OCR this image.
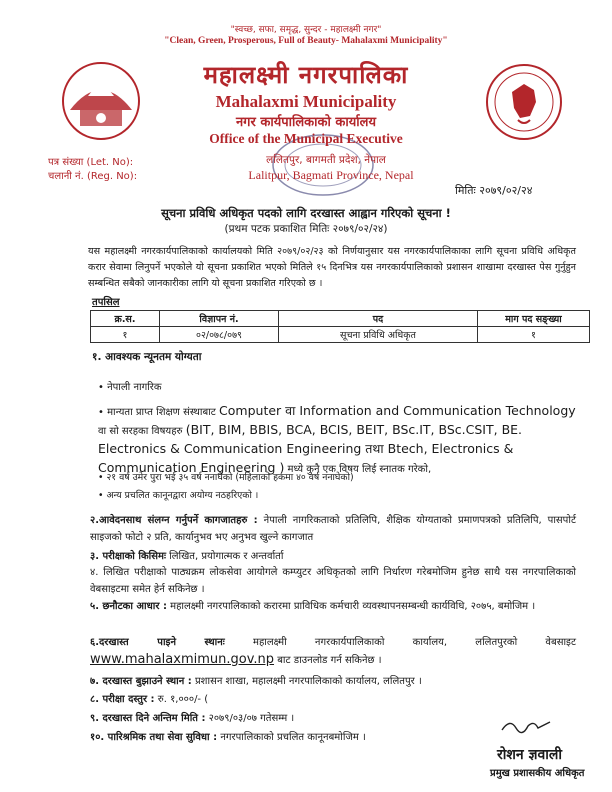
"स्वच्छ, सफा, समृद्ध, सुन्दर - महालक्ष्मी नगर"
"Clean, Green, Prosperous, Full of Beauty- Mahalaxmi Municipality"
महालक्ष्मी नगरपालिका
Mahalaxmi Municipality
नगर कार्यपालिकाको कार्यालय
Office of the Municipal Executive
ललितपुर, बागमती प्रदेश, नेपाल
Lalitpur, Bagmati Province, Nepal
पत्र संख्या (Let. No):
चलानी नं. (Reg. No):
मितिः २०७९/०२/२४
सूचना प्रविधि अधिकृत पदको लागि दरखास्त आह्वान गरिएको सूचना !
(प्रथम पटक प्रकाशित मितिः २०७९/०२/२४)

यस महालक्ष्मी नगरकार्यपालिकाको कार्यालयको मिति २०७९/०२/२३ को निर्णयानुसार यस नगरकार्यपालिकाका लागि सूचना प्रविधि अधिकृत करार सेवामा लिनुपर्ने भएकोले यो सूचना प्रकाशित भएको मितिले १५ दिनभित्र यस नगरकार्यपालिकाको प्रशासन शाखामा दरखास्त पेस गुर्नुहुन सम्बन्धित सबैको जानकारीका लागि यो सूचना प्रकाशित गरिएको छ ।

तपसिल
क्र.स.	विज्ञापन नं.	पद	माग पद सङ्ख्या
१	०२/०७८/०७९	सूचना प्रविधि अधिकृत	१
१. आवश्यक न्यूनतम योग्यता
• नेपाली नागरिक
• मान्यता प्राप्त शिक्षण संस्थाबाट Computer वा Information and Communication Technology वा सो सरहका विषयहरु (BIT, BIM, BBIS, BCA, BCIS, BEIT, BSc.IT, BSc.CSIT, BE. Electronics & Communication Engineering तथा Btech, Electronics & Communication Engineering ) मध्ये कुनै एक विषय लिई स्नातक गरेको,
• २१ वर्ष उमेर पुरा भई ३५ वर्ष ननाघेको (महिलाको हकमा ४० वर्ष ननाघेको)
• अन्य प्रचलित कानूनद्वारा अयोग्य नठहरिएको ।
२.आवेदनसाथ संलग्न गर्नुपर्ने कागजातहरु : नेपाली नागरिकताको प्रतिलिपि, शैक्षिक योग्यताको प्रमाणपत्रको प्रतिलिपि, पासपोर्ट साइजको फोटो २ प्रति, कार्यानुभव भए अनुभव खुल्ने कागजात
३. परीक्षाको किसिमः लिखित, प्रयोगात्मक र अन्तर्वार्ता
४. लिखित परीक्षाको पाठ्यक्रम लोकसेवा आयोगले कम्प्युटर अधिकृतको लागि निर्धारण गरेबमोजिम हुनेछ साथै यस नगरपालिकाको वेबसाइटमा समेत हेर्न सकिनेछ ।
५. छनौटका आधार : महालक्ष्मी नगरपालिकाको करारमा प्राविधिक कर्मचारी व्यवस्थापनसम्बन्धी कार्यविधि, २०७५, बमोजिम ।
६.दरखास्त पाइने स्थानः	महालक्ष्मी नगरकार्यपालिकाको कार्यालय, ललितपुरको वेबसाइट www.mahalaxmimun.gov.np बाट डाउनलोड गर्न सकिनेछ ।
७. दरखास्त बुझाउने स्थान : प्रशासन शाखा, महालक्ष्मी नगरपालिकाको कार्यालय, ललितपुर ।
८. परीक्षा दस्तुर : रु. १,०००/- (
९. दरखास्त दिने अन्तिम मिति : २०७९/०३/०७ गतेसम्म ।
१०. पारिश्रमिक तथा सेवा सुविधा : नगरपालिकाको प्रचलित कानूनबमोजिम ।
रोशन ज्ञवाली
प्रमुख प्रशासकीय अधिकृत
